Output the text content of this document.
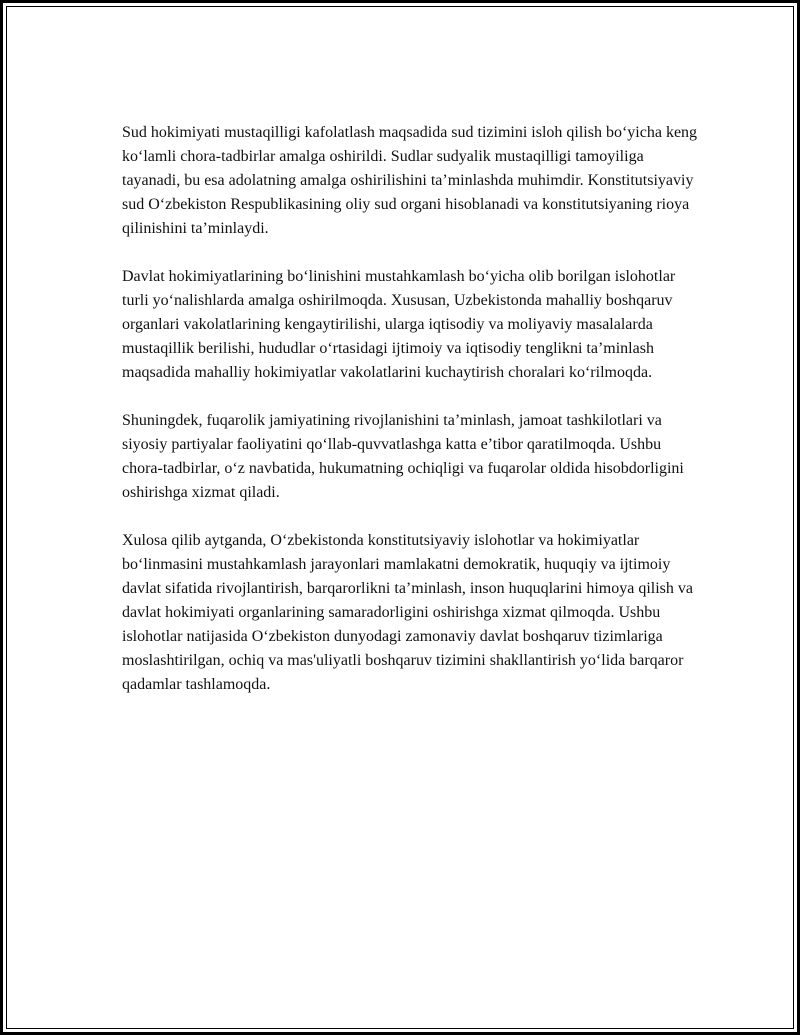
Sud hokimiyati mustaqilligi kafolatlash maqsadida sud tizimini isloh qilish bo‘yicha keng ko‘lamli chora-tadbirlar amalga oshirildi. Sudlar sudyalik mustaqilligi tamoyiliga tayanadi, bu esa adolatning amalga oshirilishini ta’minlashda muhimdir. Konstitutsiyaviy sud O‘zbekiston Respublikasining oliy sud organi hisoblanadi va konstitutsiyaning rioya qilinishini ta’minlaydi.

Davlat hokimiyatlarining bo‘linishini mustahkamlash bo‘yicha olib borilgan islohotlar turli yo‘nalishlarda amalga oshirilmoqda. Xususan, Uzbekistonda mahalliy boshqaruv organlari vakolatlarining kengaytirilishi, ularga iqtisodiy va moliyaviy masalalarda mustaqillik berilishi, hududlar o‘rtasidagi ijtimoiy va iqtisodiy tenglikni ta’minlash maqsadida mahalliy hokimiyatlar vakolatlarini kuchaytirish choralari ko‘rilmoqda.

Shuningdek, fuqarolik jamiyatining rivojlanishini ta’minlash, jamoat tashkilotlari va siyosiy partiyalar faoliyatini qo‘llab-quvvatlashga katta e’tibor qaratilmoqda. Ushbu chora-tadbirlar, o‘z navbatida, hukumatning ochiqligi va fuqarolar oldida hisobdorligini oshirishga xizmat qiladi.

Xulosa qilib aytganda, O‘zbekistonda konstitutsiyaviy islohotlar va hokimiyatlar bo‘linmasini mustahkamlash jarayonlari mamlakatni demokratik, huquqiy va ijtimoiy davlat sifatida rivojlantirish, barqarorlikni ta’minlash, inson huquqlarini himoya qilish va davlat hokimiyati organlarining samaradorligini oshirishga xizmat qilmoqda. Ushbu islohotlar natijasida O‘zbekiston dunyodagi zamonaviy davlat boshqaruv tizimlariga moslashtirilgan, ochiq va mas'uliyatli boshqaruv tizimini shakllantirish yo‘lida barqaror qadamlar tashlamoqda.
